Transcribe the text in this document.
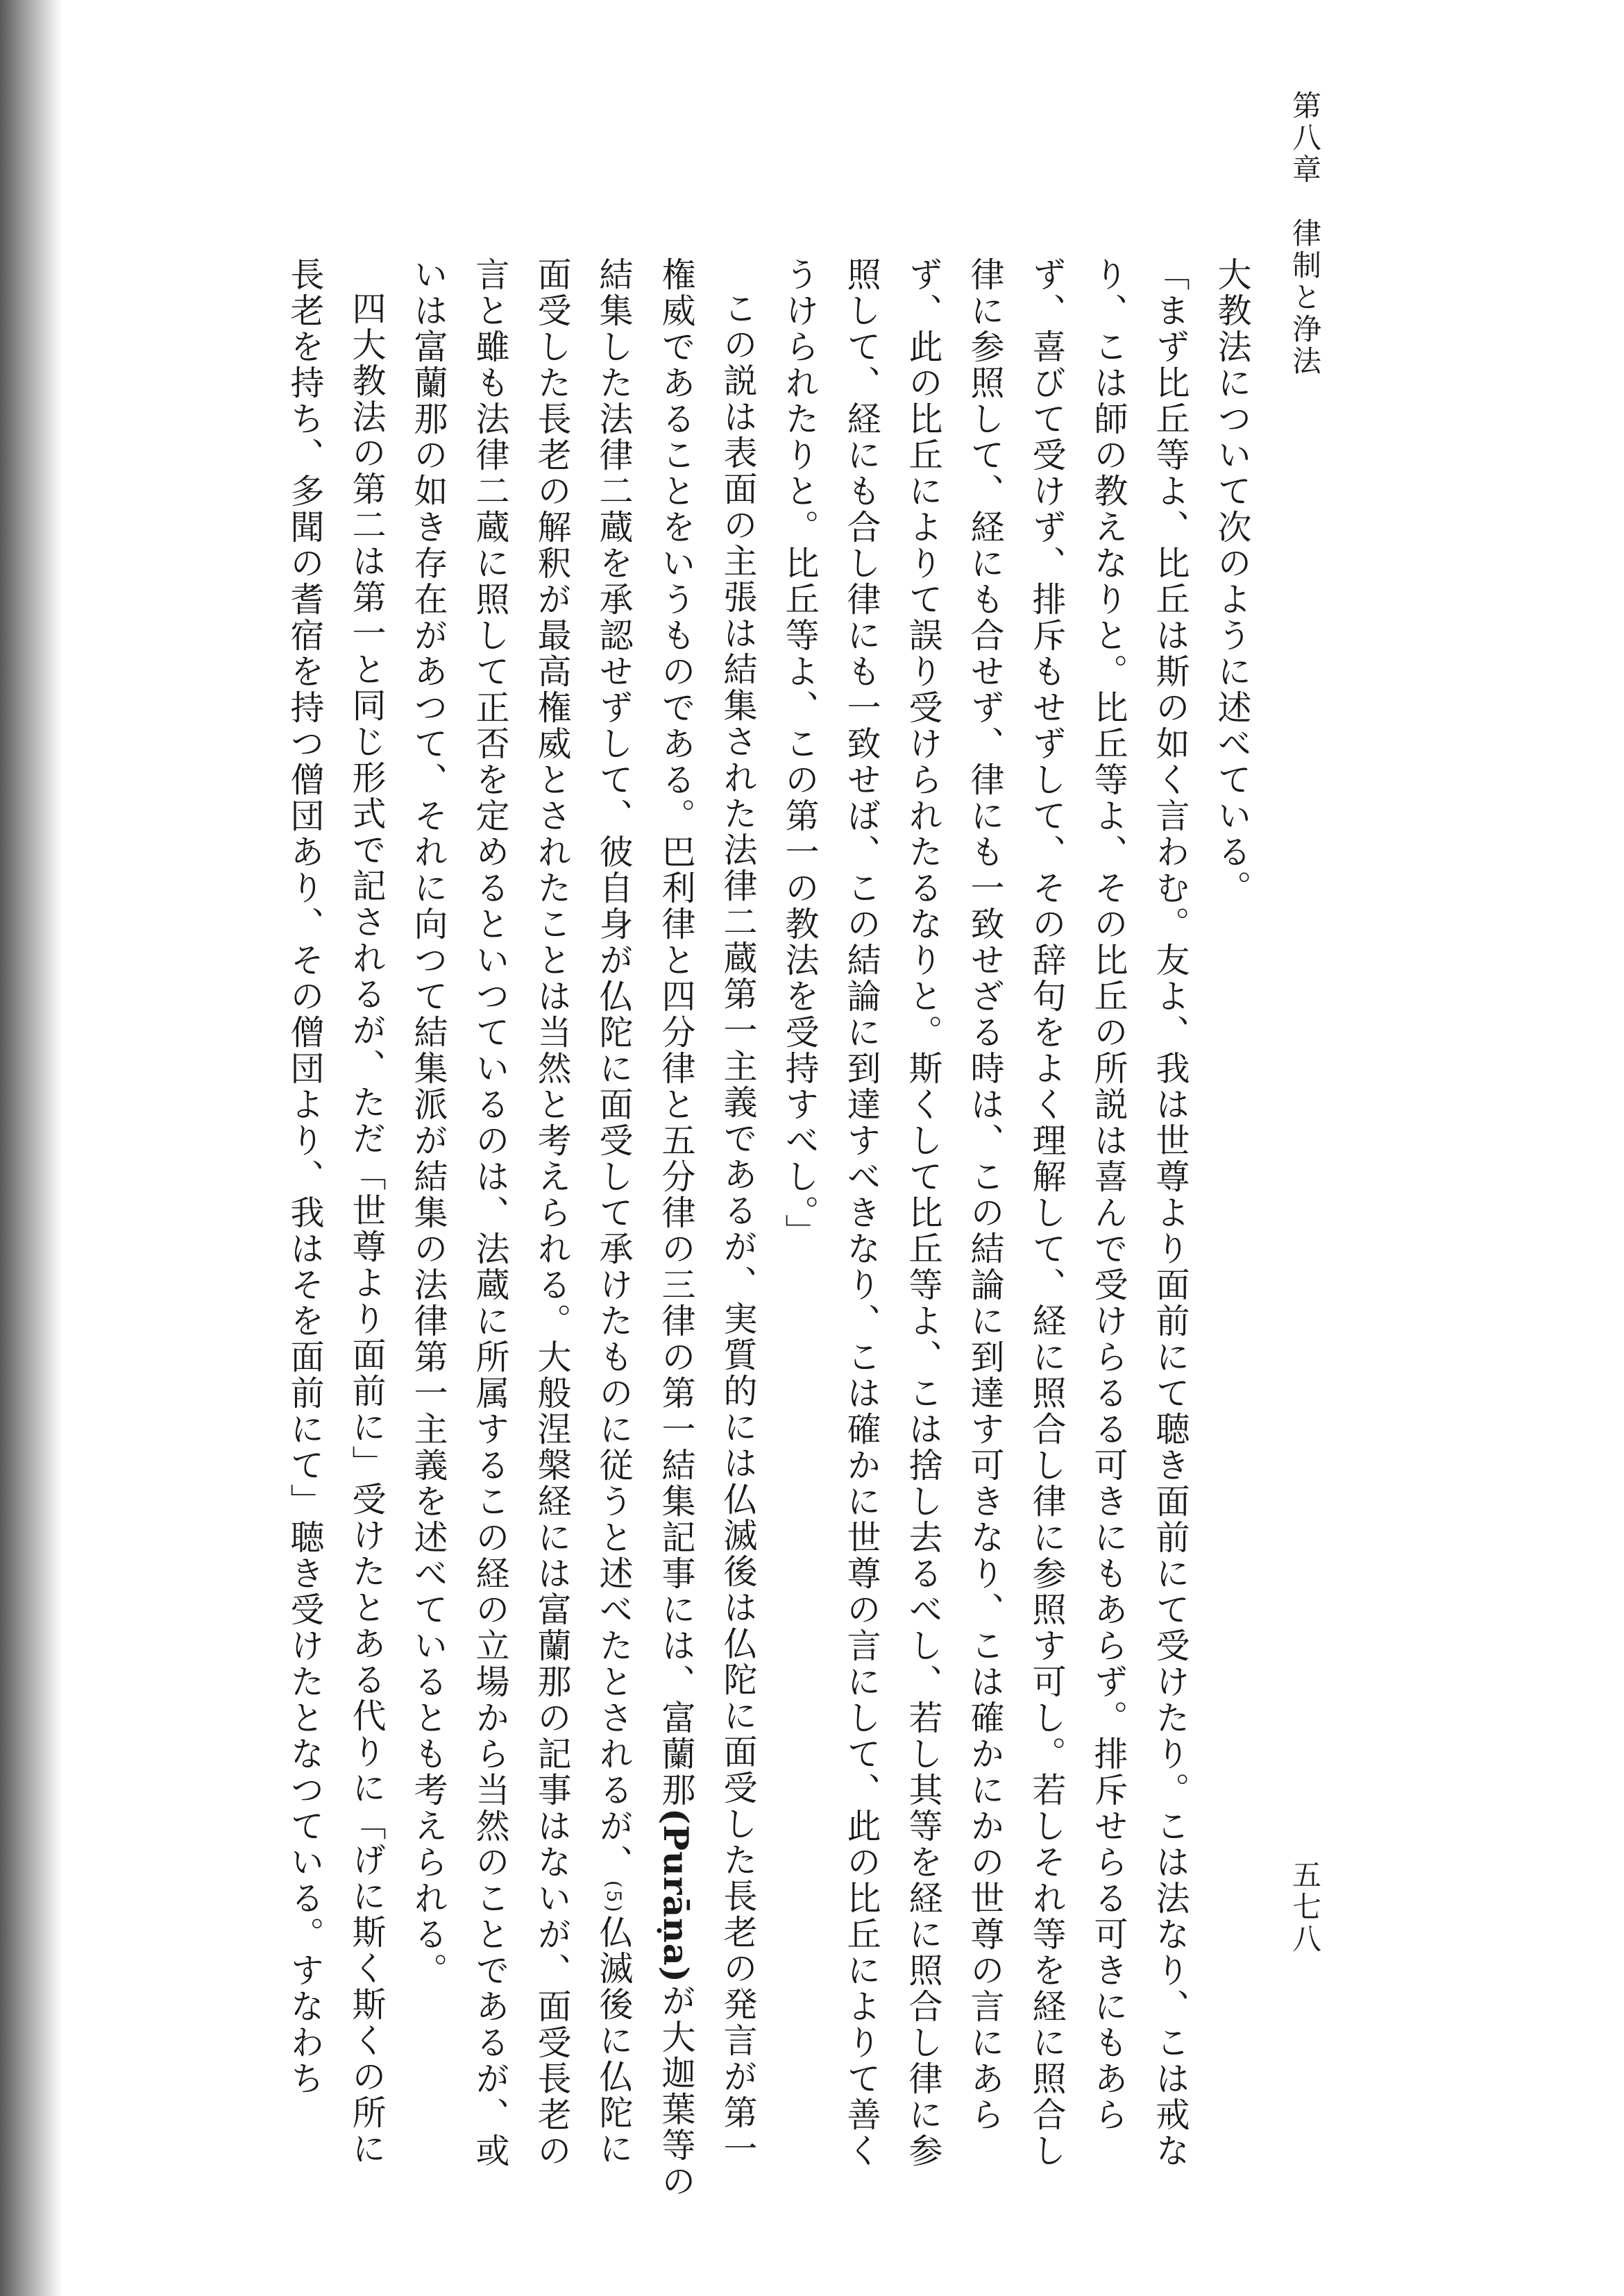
第八章　律制と浄法
五七八

大教法について次のように述べている。

「まず比丘等よ、比丘は斯の如く言わむ。友よ、我は世尊より面前にて聴き面前にて受けたり。こは法なり、こは戒なり、こは師の教えなりと。比丘等よ、その比丘の所説は喜んで受けらるる可きにもあらず。排斥せらる可きにもあらず、喜びて受けず、排斥もせずして、その辞句をよく理解して、経に照合し律に参照す可し。若しそれ等を経に照合し律に参照して、経にも合せず、律にも一致せざる時は、この結論に到達す可きなり、こは確かにかの世尊の言にあらず、此の比丘によりて誤り受けられたるなりと。斯くして比丘等よ、こは捨し去るべし、若し其等を経に照合し律に参照して、経にも合し律にも一致せば、この結論に到達すべきなり、こは確かに世尊の言にして、此の比丘によりて善くうけられたりと。比丘等よ、この第一の教法を受持すべし。」

この説は表面の主張は結集された法律二蔵第一主義であるが、実質的には仏滅後は仏陀に面受した長老の発言が第一権威であることをいうものである。巴利律と四分律と五分律の三律の第一結集記事には、富蘭那(Purāṇa)が大迦葉等の結集した法律二蔵を承認せずして、彼自身が仏陀に面受して承けたものに従うと述べたとされるが、(5)仏滅後に仏陀に面受した長老の解釈が最高権威とされたことは当然と考えられる。大般涅槃経には富蘭那の記事はないが、面受長老の言と雖も法律二蔵に照して正否を定めるといつているのは、法蔵に所属するこの経の立場から当然のことであるが、或いは富蘭那の如き存在があつて、それに向つて結集派が結集の法律第一主義を述べているとも考えられる。

四大教法の第二は第一と同じ形式で記されるが、ただ「世尊より面前に」受けたとある代りに「げに斯く斯くの所に長老を持ち、多聞の耆宿を持つ僧団あり、その僧団より、我はそを面前にて」聴き受けたとなつている。すなわち
